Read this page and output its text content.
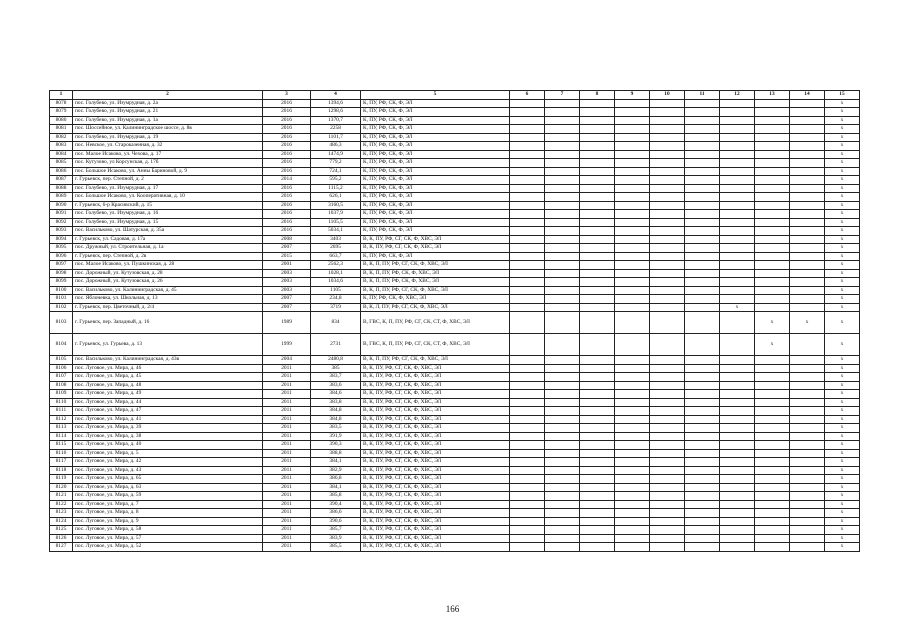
1	2	3	4	5	6	7	8	9	10	11	12	13	14	15
8078	пос. Голубево, ул. Изумрудная, д. 2а	2016	1394,6	К, ПУ, РФ, СК, Ф, ЭЛ										x
8079	пос. Голубево, ул. Изумрудная, д. 21	2016	1298,6	К, ПУ, РФ, СК, Ф, ЭЛ										x
8080	пос. Голубево, ул. Изумрудная, д. 1а	2016	1370,7	К, ПУ, РФ, СК, Ф, ЭЛ										x
8081	пос. Шоссейное, ул. Калининградское шоссе, д. 8в	2016	2258	К, ПУ, РФ, СК, Ф, ЭЛ										x
8082	пос. Голубево, ул. Изумрудная, д. 19	2016	1101,7	К, ПУ, РФ, СК, Ф, ЭЛ										x
8083	пос. Невское, ул. Староказенная, д. 32	2016	486,3	К, ПУ, РФ, СК, Ф, ЭЛ										x
8084	пос. Малое Исаково, ул. Чехова, д. 17	2016	1474,9	К, ПУ, РФ, СК, Ф, ЭЛ										x
8085	пос. Кутузово, ул Корсунская, д. 17б	2016	779,2	К, ПУ, РФ, СК, Ф, ЭЛ										x
8086	пос. Большое Исаково, ул. Анны Бариновой, д. 9	2016	724,1	К, ПУ, РФ, СК, Ф, ЭЛ										x
8087	г. Гурьевск, пер. Степной, д. 2	2014	595,2	К, ПУ, РФ, СК, Ф, ЭЛ										x
8088	пос. Голубево, ул. Изумрудная, д. 17	2016	1115,2	К, ПУ, РФ, СК, Ф, ЭЛ										x
8089	пос. Большое Исаково, ул. Кооперативная, д. 10	2016	626,1	К, ПУ, РФ, СК, Ф, ЭЛ										x
8090	г. Гурьевск, 6-р Красивский, д. 15	2016	3160,5	К, ПУ, РФ, СК, Ф, ЭЛ										x
8091	пос. Голубево, ул. Изумрудная, д. 16	2016	1037,9	К, ПУ, РФ, СК, Ф, ЭЛ										x
8092	пос. Голубево, ул. Изумрудная, д. 15	2016	1105,5	К, ПУ, РФ, СК, Ф, ЭЛ										x
8093	пос. Васильково, ул. Шатурская, д. 35а	2016	5034,1	К, ПУ, РФ, СК, Ф, ЭЛ										x
8094	г. Гурьевск, ул. Садовая, д. 17а	2008	3403	В, К, ПУ, РФ, СГ, СК, Ф, ХВС, ЭЛ										x
8095	пос. Дружный, ул. Строительная, д. 1а	2007	2695	В, К, ПУ, РФ, СГ, СК, Ф, ХВС, ЭЛ										x
8096	г. Гурьевск, пер. Степной, д. 2в	2015	663,7	К, ПУ, РФ, СК, Ф, ЭЛ										x
8097	пос. Малое Исаково, ул. Пушкинская, д. 28	2001	2562,3	В, К, П, ПУ, РФ, СГ, СК, Ф, ХВС, ЭЛ										x
8098	пос. Дорожный, ул. Кутузовская, д. 28	2003	1028,1	В, К, П, ПУ, РФ, СК, Ф, ХВС, ЭЛ										x
8099	пос. Дорожный, ул. Кутузовская, д. 26	2003	1034,6	В, К, П, ПУ, РФ, СК, Ф, ХВС, ЭЛ										x
8100	пос. Васильково, ул. Калининградская, д. 45	2003	1105	В, К, П, ПУ, РФ, СГ, СК, Ф, ХВС, ЭЛ										x
8101	пос. Яблоневка, ул. Школьная, д. 13	2007	234,8	К, ПУ, РФ, СК, Ф, ХВС, ЭЛ										x
8102	г. Гурьевск, пер. Цветочный, д. 2/4	2007	3719	В, К, Л, ПУ, РФ, СГ, СК, Ф, ХВС, ЭЛ							x			x
8103	г. Гурьевск, пер. Западный, д. 16	1989	834	В, ГВС, К, П, ПУ, РФ, СГ, СК, СТ, Ф, ХВС, ЭЛ								x	x	x
8104	г. Гурьевск, ул. Гурьева, д. 13	1999	2731	В, ГВС, К, П, ПУ, РФ, СГ, СК, СТ, Ф, ХВС, ЭЛ								x		x
8105	пос. Васильково, ул. Калининградская, д. 43в	2004	2480,8	В, К, П, ПУ, РФ, СГ, СК, Ф, ХВС, ЭЛ										x
8106	пос. Луговое, ул. Мира, д. 46	2011	385	В, К, ПУ, РФ, СГ, СК, Ф, ХВС, ЭЛ										x
8107	пос. Луговое, ул. Мира, д. 45	2011	383,7	В, К, ПУ, РФ, СГ, СК, Ф, ХВС, ЭЛ										x
8108	пос. Луговое, ул. Мира, д. 48	2011	383,6	В, К, ПУ, РФ, СГ, СК, Ф, ХВС, ЭЛ										x
8109	пос. Луговое, ул. Мира, д. 49	2011	384,6	В, К, ПУ, РФ, СГ, СК, Ф, ХВС, ЭЛ										x
8110	пос. Луговое, ул. Мира, д. 44	2011	383,8	В, К, ПУ, РФ, СГ, СК, Ф, ХВС, ЭЛ										x
8111	пос. Луговое, ул. Мира, д. 47	2011	384,8	В, К, ПУ, РФ, СГ, СК, Ф, ХВС, ЭЛ										x
8112	пос. Луговое, ул. Мира, д. 41	2011	384,8	В, К, ПУ, РФ, СГ, СК, Ф, ХВС, ЭЛ										x
8113	пос. Луговое, ул. Мира, д. 39	2011	383,5	В, К, ПУ, РФ, СГ, СК, Ф, ХВС, ЭЛ										x
8114	пос. Луговое, ул. Мира, д. 38	2011	391,9	В, К, ПУ, РФ, СГ, СК, Ф, ХВС, ЭЛ										x
8115	пос. Луговое, ул. Мира, д. 40	2011	390,3	В, К, ПУ, РФ, СГ, СК, Ф, ХВС, ЭЛ										x
8116	пос. Луговое, ул. Мира, д. 5	2011	388,8	В, К, ПУ, РФ, СГ, СК, Ф, ХВС, ЭЛ										x
8117	пос. Луговое, ул. Мира, д. 42	2011	384,1	В, К, ПУ, РФ, СГ, СК, Ф, ХВС, ЭЛ										x
8118	пос. Луговое, ул. Мира, д. 43	2011	382,9	В, К, ПУ, РФ, СГ, СК, Ф, ХВС, ЭЛ										x
8119	пос. Луговое, ул. Мира, д. 65	2011	386,8	В, К, ПУ, РФ, СГ, СК, Ф, ХВС, ЭЛ										x
8120	пос. Луговое, ул. Мира, д. 63	2011	384,1	В, К, ПУ, РФ, СГ, СК, Ф, ХВС, ЭЛ										x
8121	пос. Луговое, ул. Мира, д. 59	2011	385,8	В, К, ПУ, РФ, СГ, СК, Ф, ХВС, ЭЛ										x
8122	пос. Луговое, ул. Мира, д. 7	2011	390,4	В, К, ПУ, РФ, СГ, СК, Ф, ХВС, ЭЛ										x
8123	пос. Луговое, ул. Мира, д. 8	2011	386,6	В, К, ПУ, РФ, СГ, СК, Ф, ХВС, ЭЛ										x
8124	пос. Луговое, ул. Мира, д. 9	2011	390,6	В, К, ПУ, РФ, СГ, СК, Ф, ХВС, ЭЛ										x
8125	пос. Луговое, ул. Мира, д. 58	2011	385,7	В, К, ПУ, РФ, СГ, СК, Ф, ХВС, ЭЛ										x
8126	пос. Луговое, ул. Мира, д. 57	2011	383,9	В, К, ПУ, РФ, СГ, СК, Ф, ХВС, ЭЛ										x
8127	пос. Луговое, ул. Мира, д. 52	2011	385,5	В, К, ПУ, РФ, СГ, СК, Ф, ХВС, ЭЛ										x
166
